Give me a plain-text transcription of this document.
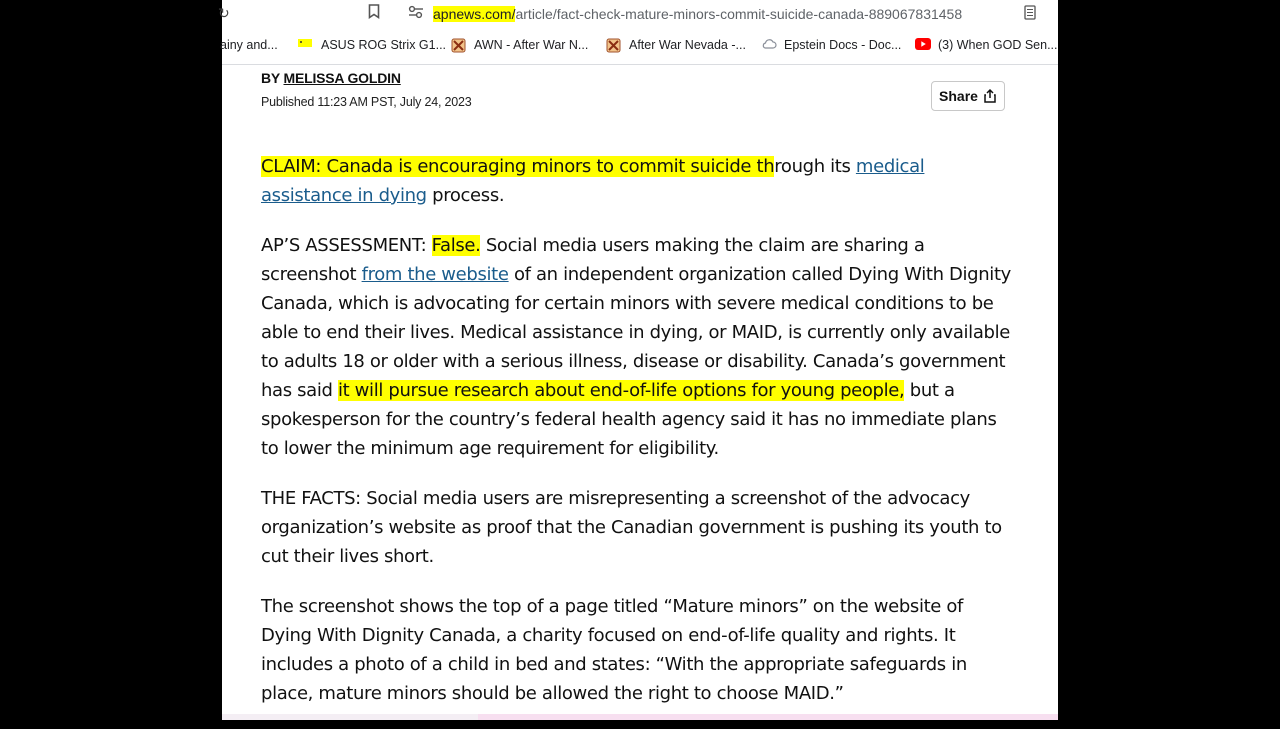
↻	apnews.com/article/fact-check-mature-minors-commit-suicide-canada-889067831458
ainy and...	ASUS ROG Strix G1... AWN - After War N...	After War Nevada -...	Epstein Docs - Doc...	(3) When GOD Sen...
BY MELISSA GOLDIN
Published 11:23 AM PST, July 24, 2023	Share

CLAIM: Canada is encouraging minors to commit suicide through its medical assistance in dying process.

AP’S ASSESSMENT: False. Social media users making the claim are sharing a screenshot from the website of an independent organization called Dying With Dignity Canada, which is advocating for certain minors with severe medical conditions to be able to end their lives. Medical assistance in dying, or MAID, is currently only available to adults 18 or older with a serious illness, disease or disability. Canada’s government has said it will pursue research about end-of-life options for young people, but a spokesperson for the country’s federal health agency said it has no immediate plans to lower the minimum age requirement for eligibility.

THE FACTS: Social media users are misrepresenting a screenshot of the advocacy organization’s website as proof that the Canadian government is pushing its youth to cut their lives short.

The screenshot shows the top of a page titled “Mature minors” on the website of Dying With Dignity Canada, a charity focused on end-of-life quality and rights. It includes a photo of a child in bed and states: “With the appropriate safeguards in place, mature minors should be allowed the right to choose MAID.”
